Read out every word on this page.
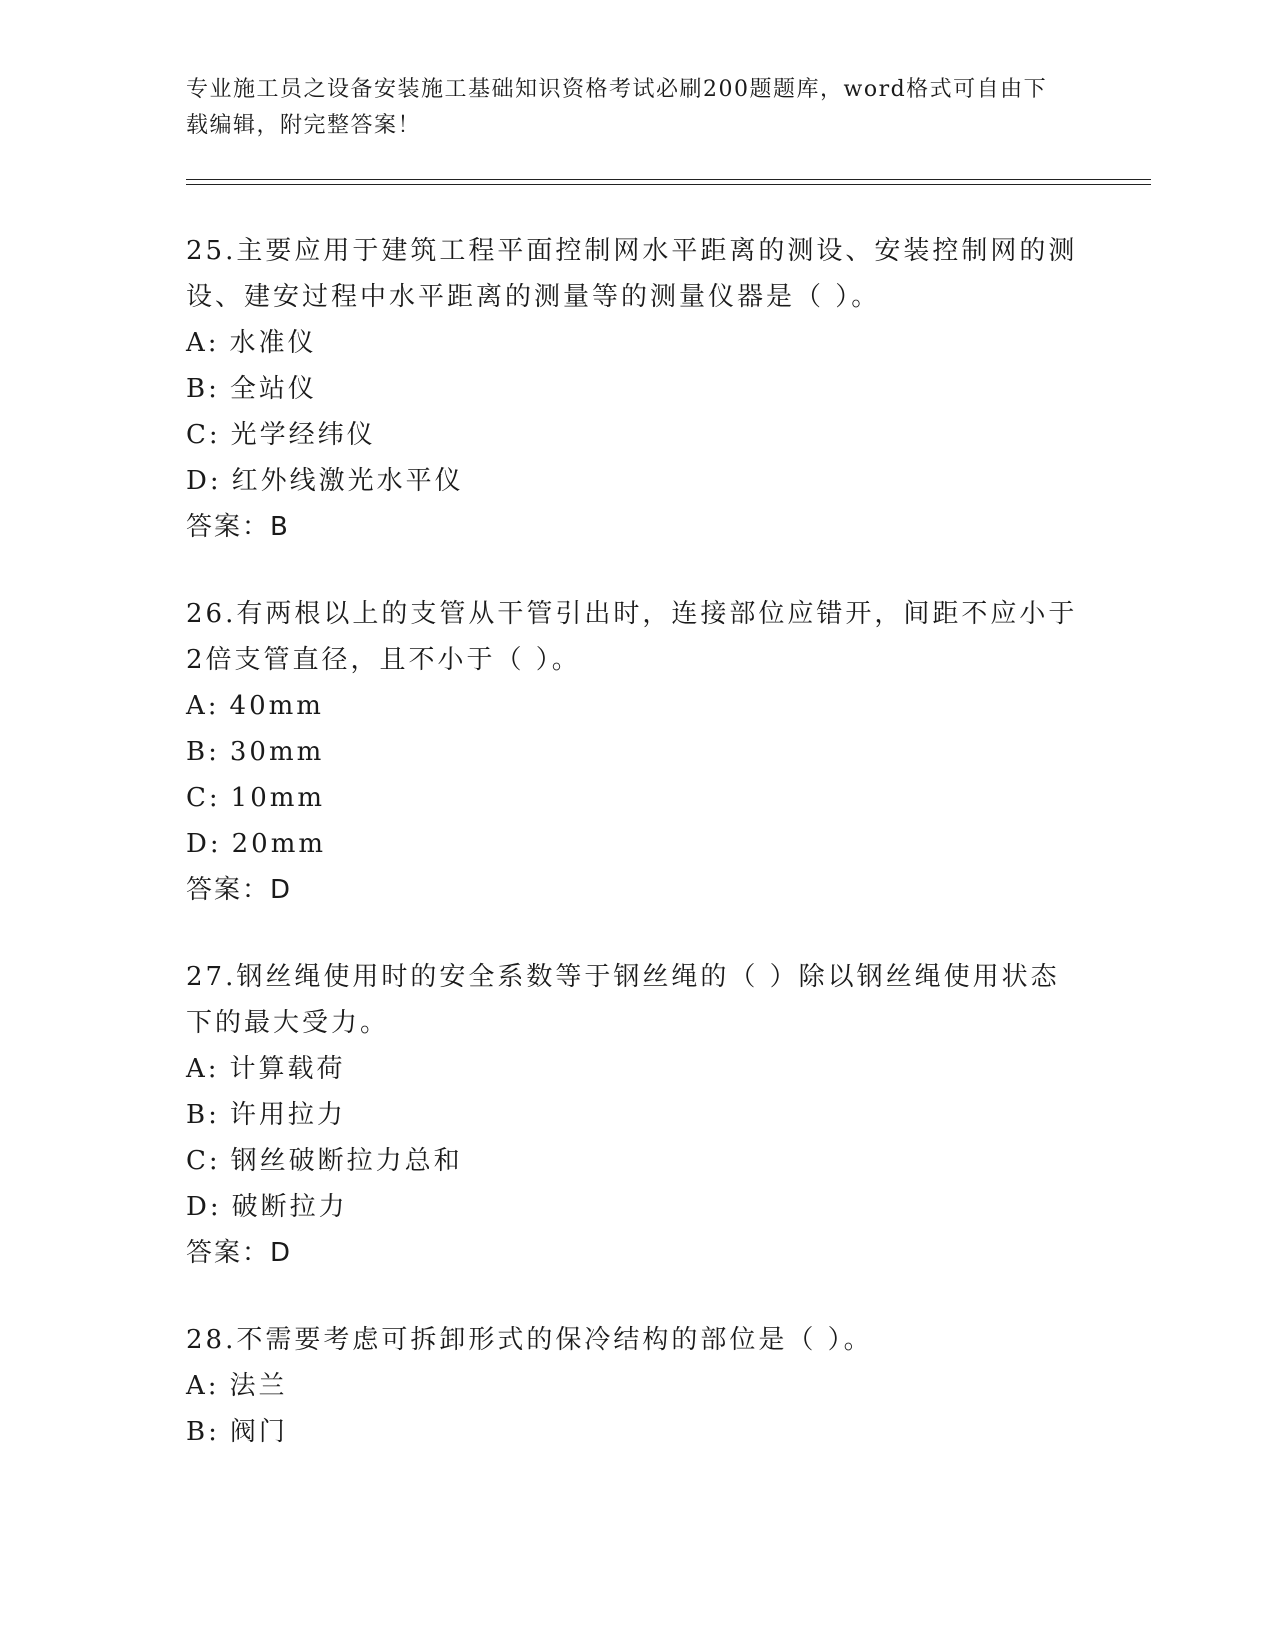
专业施工员之设备安装施工基础知识资格考试必刷200题题库，word格式可自由下载编辑，附完整答案！
25.主要应用于建筑工程平面控制网水平距离的测设、安装控制网的测设、建安过程中水平距离的测量等的测量仪器是（ ）。
A: 水准仪
B: 全站仪
C: 光学经纬仪
D: 红外线激光水平仪
答案：B
26.有两根以上的支管从干管引出时，连接部位应错开，间距不应小于2倍支管直径，且不小于（ ）。
A: 40mm
B: 30mm
C: 10mm
D: 20mm
答案：D
27.钢丝绳使用时的安全系数等于钢丝绳的（ ）除以钢丝绳使用状态下的最大受力。
A: 计算载荷
B: 许用拉力
C: 钢丝破断拉力总和
D: 破断拉力
答案：D
28.不需要考虑可拆卸形式的保冷结构的部位是（ ）。
A: 法兰
B: 阀门
